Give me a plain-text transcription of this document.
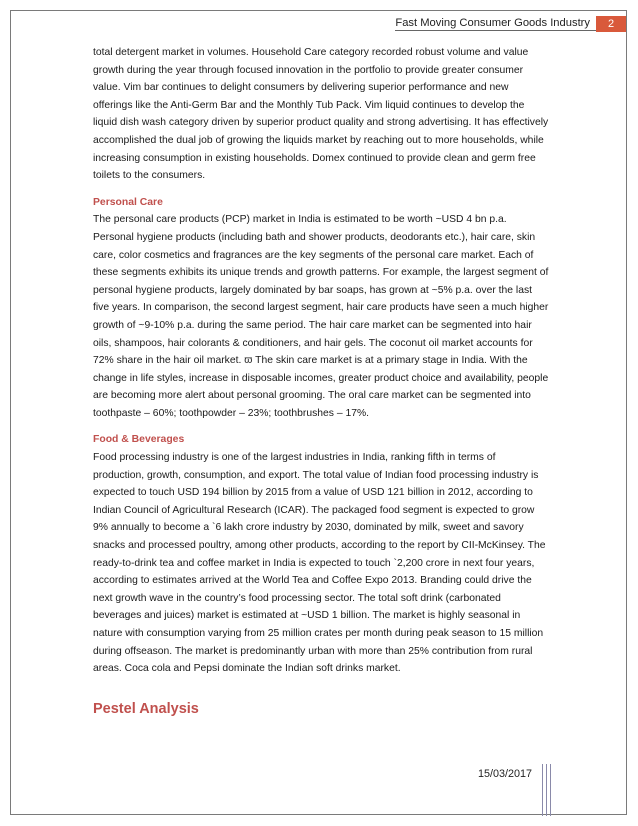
Fast Moving Consumer Goods Industry	2

total detergent market in volumes. Household Care category recorded robust volume and value growth during the year through focused innovation in the portfolio to provide greater consumer value. Vim bar continues to delight consumers by delivering superior performance and new offerings like the Anti-Germ Bar and the Monthly Tub Pack. Vim liquid continues to develop the liquid dish wash category driven by superior product quality and strong advertising. It has effectively accomplished the dual job of growing the liquids market by reaching out to more households, while increasing consumption in existing households. Domex continued to provide clean and germ free toilets to the consumers.

Personal Care

The personal care products (PCP) market in India is estimated to be worth ~USD 4 bn p.a. Personal hygiene products (including bath and shower products, deodorants etc.), hair care, skin care, color cosmetics and fragrances are the key segments of the personal care market. Each of these segments exhibits its unique trends and growth patterns. For example, the largest segment of personal hygiene products, largely dominated by bar soaps, has grown at ~5% p.a. over the last five years. In comparison, the second largest segment, hair care products have seen a much higher growth of ~9-10% p.a. during the same period. The hair care market can be segmented into hair oils, shampoos, hair colorants & conditioners, and hair gels. The coconut oil market accounts for 72% share in the hair oil market. ϖ The skin care market is at a primary stage in India. With the change in life styles, increase in disposable incomes, greater product choice and availability, people are becoming more alert about personal grooming. The oral care market can be segmented into toothpaste – 60%; toothpowder – 23%; toothbrushes – 17%.

Food & Beverages

Food processing industry is one of the largest industries in India, ranking fifth in terms of production, growth, consumption, and export. The total value of Indian food processing industry is expected to touch USD 194 billion by 2015 from a value of USD 121 billion in 2012, according to Indian Council of Agricultural Research (ICAR). The packaged food segment is expected to grow 9% annually to become a `6 lakh crore industry by 2030, dominated by milk, sweet and savory snacks and processed poultry, among other products, according to the report by CII-McKinsey. The ready-to-drink tea and coffee market in India is expected to touch `2,200 crore in next four years, according to estimates arrived at the World Tea and Coffee Expo 2013. Branding could drive the next growth wave in the country’s food processing sector. The total soft drink (carbonated beverages and juices) market is estimated at ~USD 1 billion. The market is highly seasonal in nature with consumption varying from 25 million crates per month during peak season to 15 million during offseason. The market is predominantly urban with more than 25% contribution from rural areas. Coca cola and Pepsi dominate the Indian soft drinks market.

Pestel Analysis
15/03/2017
